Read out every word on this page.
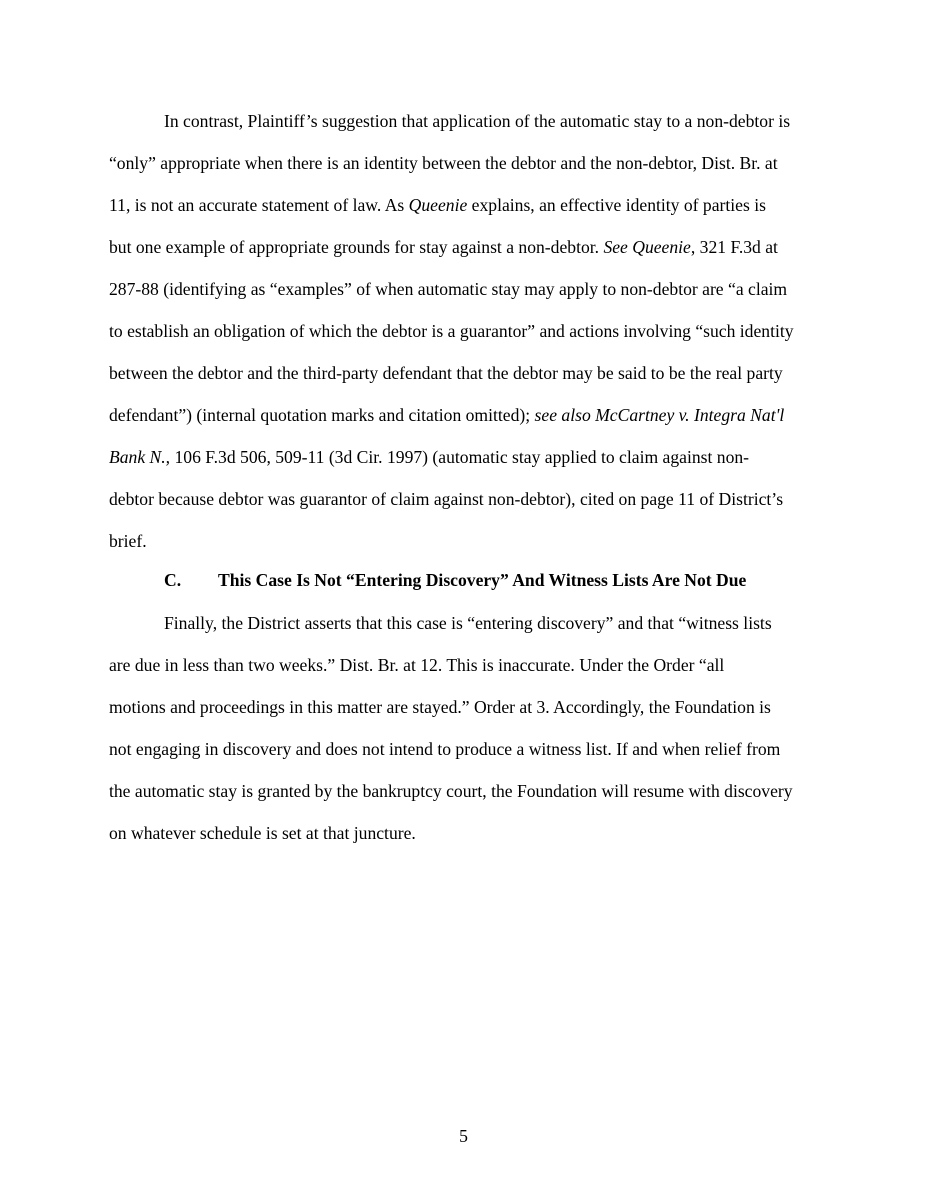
In contrast, Plaintiff’s suggestion that application of the automatic stay to a non-debtor is
“only” appropriate when there is an identity between the debtor and the non-debtor, Dist. Br. at
11, is not an accurate statement of law. As Queenie explains, an effective identity of parties is
but one example of appropriate grounds for stay against a non-debtor. See Queenie, 321 F.3d at
287-88 (identifying as “examples” of when automatic stay may apply to non-debtor are “a claim
to establish an obligation of which the debtor is a guarantor” and actions involving “such identity
between the debtor and the third-party defendant that the debtor may be said to be the real party
defendant”) (internal quotation marks and citation omitted); see also McCartney v. Integra Nat'l
Bank N., 106 F.3d 506, 509-11 (3d Cir. 1997) (automatic stay applied to claim against non-
debtor because debtor was guarantor of claim against non-debtor), cited on page 11 of District’s
brief.
C. This Case Is Not “Entering Discovery” And Witness Lists Are Not Due
Finally, the District asserts that this case is “entering discovery” and that “witness lists
are due in less than two weeks.” Dist. Br. at 12. This is inaccurate. Under the Order “all
motions and proceedings in this matter are stayed.” Order at 3. Accordingly, the Foundation is
not engaging in discovery and does not intend to produce a witness list. If and when relief from
the automatic stay is granted by the bankruptcy court, the Foundation will resume with discovery
on whatever schedule is set at that juncture.
5
